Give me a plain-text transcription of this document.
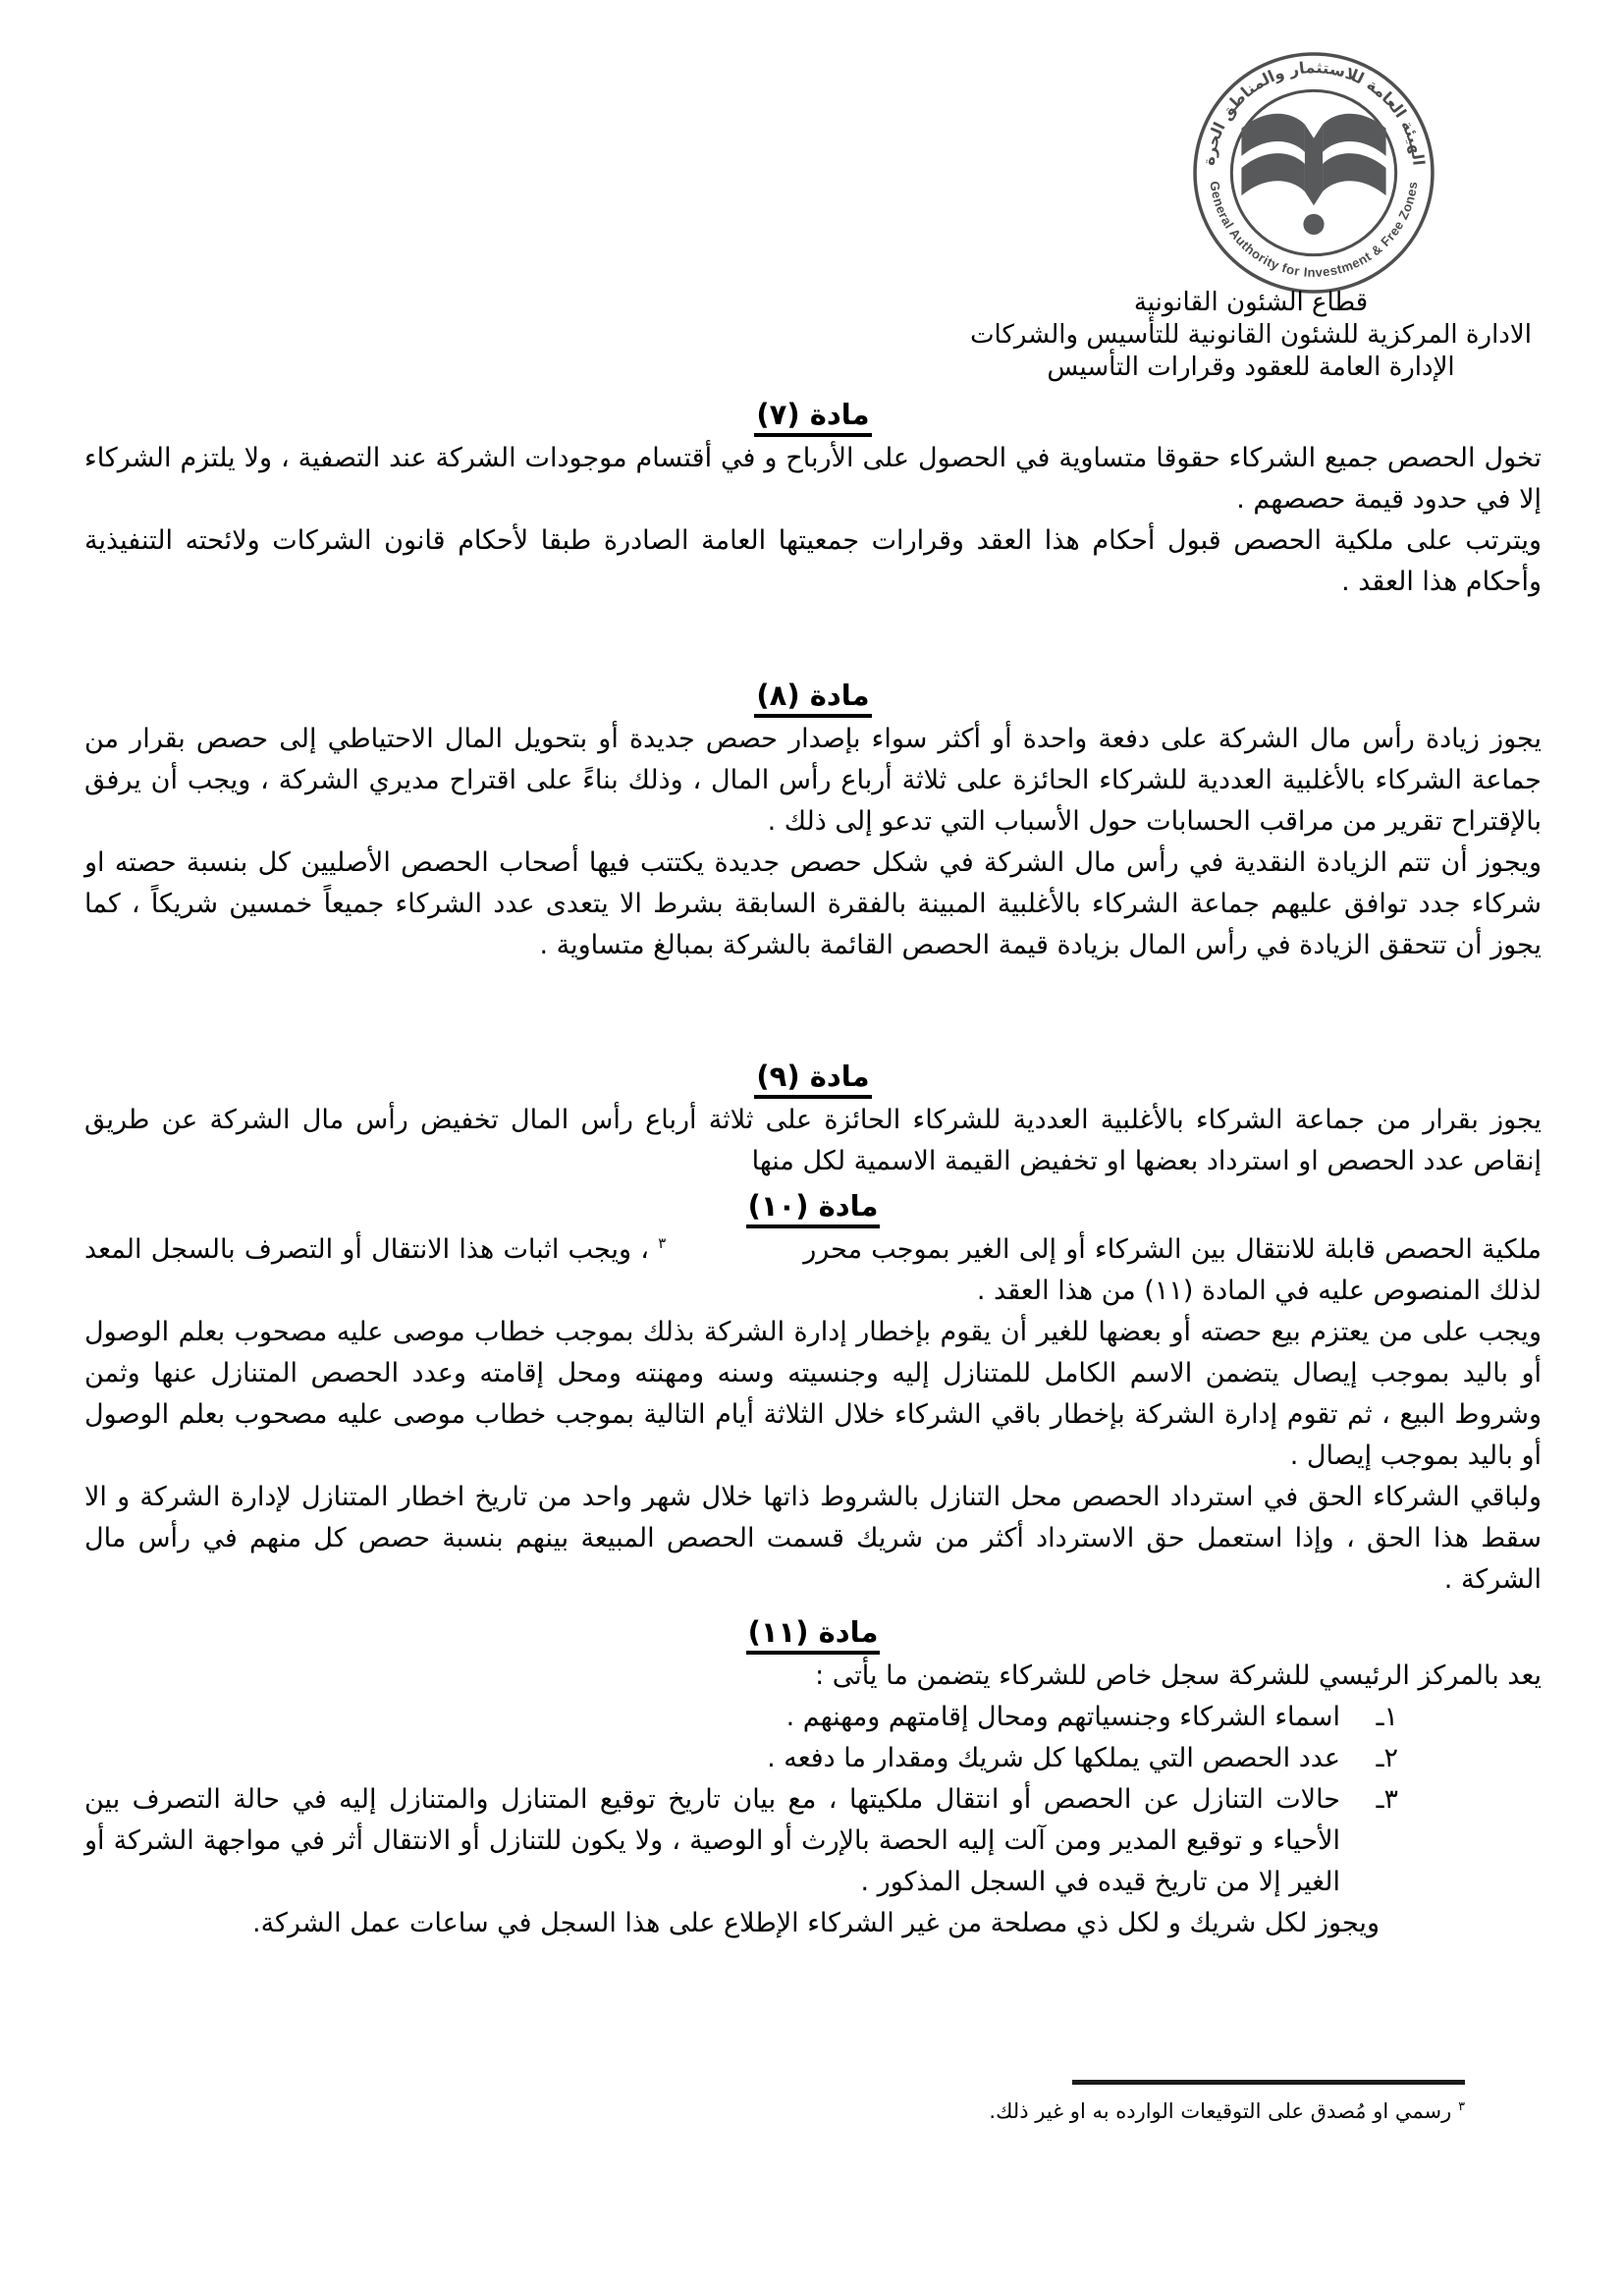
الهيئة العامة للاستثمار والمناطق الحرة
General Authority for Investment & Free Zones
قطاع الشئون القانونية
الادارة المركزية للشئون القانونية للتأسيس والشركات
الإدارة العامة للعقود وقرارات التأسيس
مادة (٧)

تخول الحصص جميع الشركاء حقوقا متساوية في الحصول على الأرباح و في أقتسام موجودات الشركة عند التصفية ، ولا يلتزم الشركاء إلا في حدود قيمة حصصهم .

ويترتب على ملكية الحصص قبول أحكام هذا العقد وقرارات جمعيتها العامة الصادرة طبقا لأحكام قانون الشركات ولائحته التنفيذية وأحكام هذا العقد .

مادة (٨)

يجوز زيادة رأس مال الشركة على دفعة واحدة أو أكثر سواء بإصدار حصص جديدة أو بتحويل المال الاحتياطي إلى حصص بقرار من جماعة الشركاء بالأغلبية العددية للشركاء الحائزة على ثلاثة أرباع رأس المال ، وذلك بناءً على اقتراح مديري الشركة ، ويجب أن يرفق بالإقتراح تقرير من مراقب الحسابات حول الأسباب التي تدعو إلى ذلك .

ويجوز أن تتم الزيادة النقدية في رأس مال الشركة في شكل حصص جديدة يكتتب فيها أصحاب الحصص الأصليين كل بنسبة حصته او شركاء جدد توافق عليهم جماعة الشركاء بالأغلبية المبينة بالفقرة السابقة بشرط الا يتعدى عدد الشركاء جميعاً خمسين شريكاً ، كما يجوز أن تتحقق الزيادة في رأس المال بزيادة قيمة الحصص القائمة بالشركة بمبالغ متساوية .

مادة (٩)

يجوز بقرار من جماعة الشركاء بالأغلبية العددية للشركاء الحائزة على ثلاثة أرباع رأس المال تخفيض رأس مال الشركة عن طريق إنقاص عدد الحصص او استرداد بعضها او تخفيض القيمة الاسمية لكل منها

مادة (١٠)

ملكية الحصص قابلة للانتقال بين الشركاء أو إلى الغير بموجب محرر$^٣$ ، ويجب اثبات هذا الانتقال أو التصرف بالسجل المعد لذلك المنصوص عليه في المادة (١١) من هذا العقد .

ويجب على من يعتزم بيع حصته أو بعضها للغير أن يقوم بإخطار إدارة الشركة بذلك بموجب خطاب موصى عليه مصحوب بعلم الوصول أو باليد بموجب إيصال يتضمن الاسم الكامل للمتنازل إليه وجنسيته وسنه ومهنته ومحل إقامته وعدد الحصص المتنازل عنها وثمن وشروط البيع ، ثم تقوم إدارة الشركة بإخطار باقي الشركاء خلال الثلاثة أيام التالية بموجب خطاب موصى عليه مصحوب بعلم الوصول أو باليد بموجب إيصال .

ولباقي الشركاء الحق في استرداد الحصص محل التنازل بالشروط ذاتها خلال شهر واحد من تاريخ اخطار المتنازل لإدارة الشركة و الا سقط هذا الحق ، وإذا استعمل حق الاسترداد أكثر من شريك قسمت الحصص المبيعة بينهم بنسبة حصص كل منهم في رأس مال الشركة .

مادة (١١)

يعد بالمركز الرئيسي للشركة سجل خاص للشركاء يتضمن ما يأتى :

١ـ
اسماء الشركاء وجنسياتهم ومحال إقامتهم ومهنهم .
٢ـ
عدد الحصص التي يملكها كل شريك ومقدار ما دفعه .
٣ـ
حالات التنازل عن الحصص أو انتقال ملكيتها ، مع بيان تاريخ توقيع المتنازل والمتنازل إليه في حالة التصرف بين الأحياء و توقيع المدير ومن آلت إليه الحصة بالإرث أو الوصية ، ولا يكون للتنازل أو الانتقال أثر في مواجهة الشركة أو الغير إلا من تاريخ قيده في السجل المذكور .

ويجوز لكل شريك و لكل ذي مصلحة من غير الشركاء الإطلاع على هذا السجل في ساعات عمل الشركة.

$^٣$رسمي او مُصدق على التوقيعات الوارده به او غير ذلك.
